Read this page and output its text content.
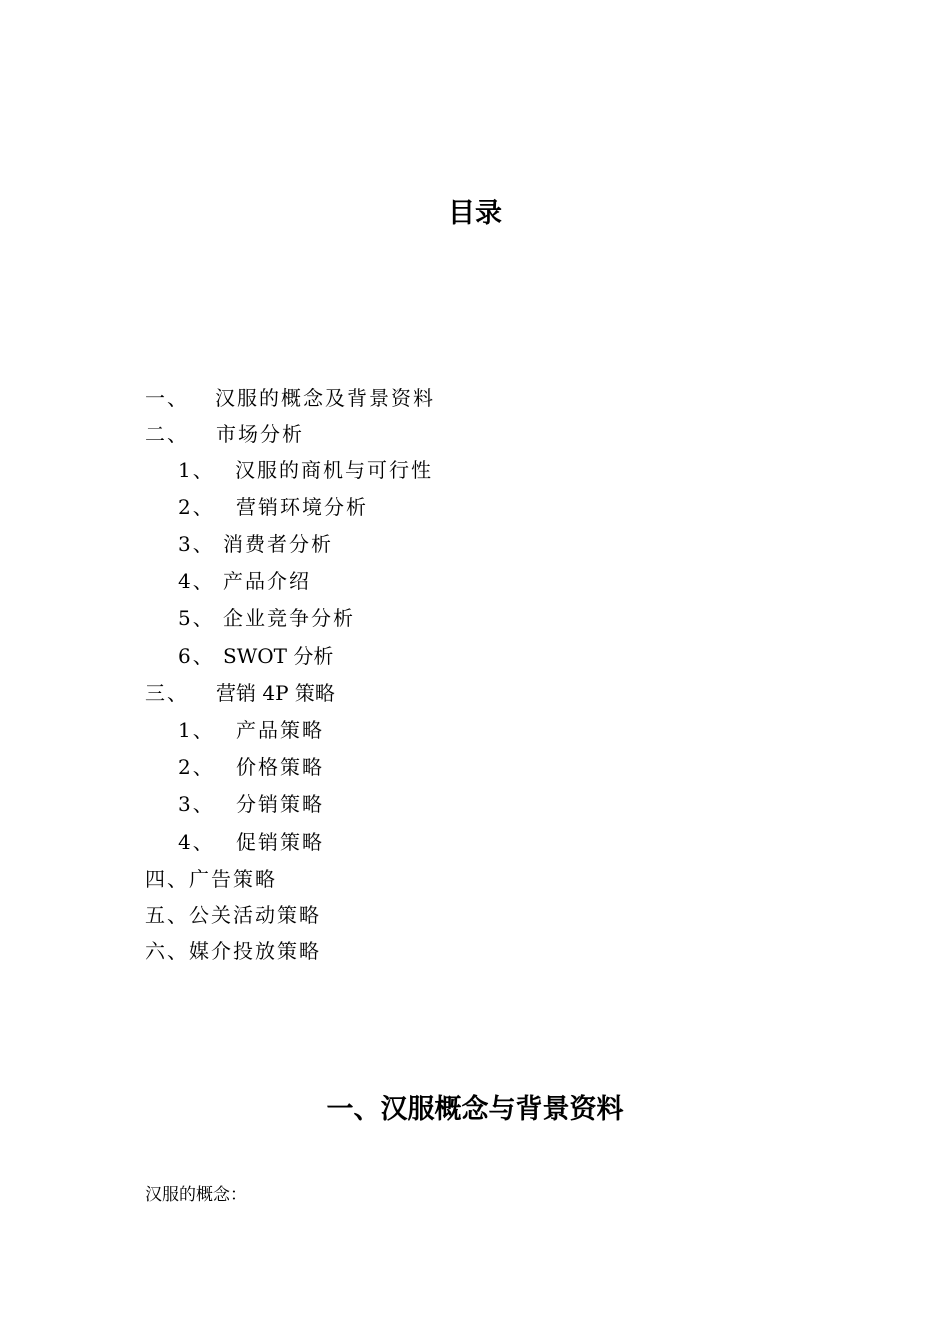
目录
一、 汉服的概念及背景资料
二、 市场分析
1、 汉服的商机与可行性
2、 营销环境分析
3、 消费者分析
4、 产品介绍
5、 企业竞争分析
6、 SWOT 分析
三、 营销 4P 策略
1、 产品策略
2、 价格策略
3、 分销策略
4、 促销策略
四、广告策略
五、公关活动策略
六、媒介投放策略
一、汉服概念与背景资料

汉服的概念：
